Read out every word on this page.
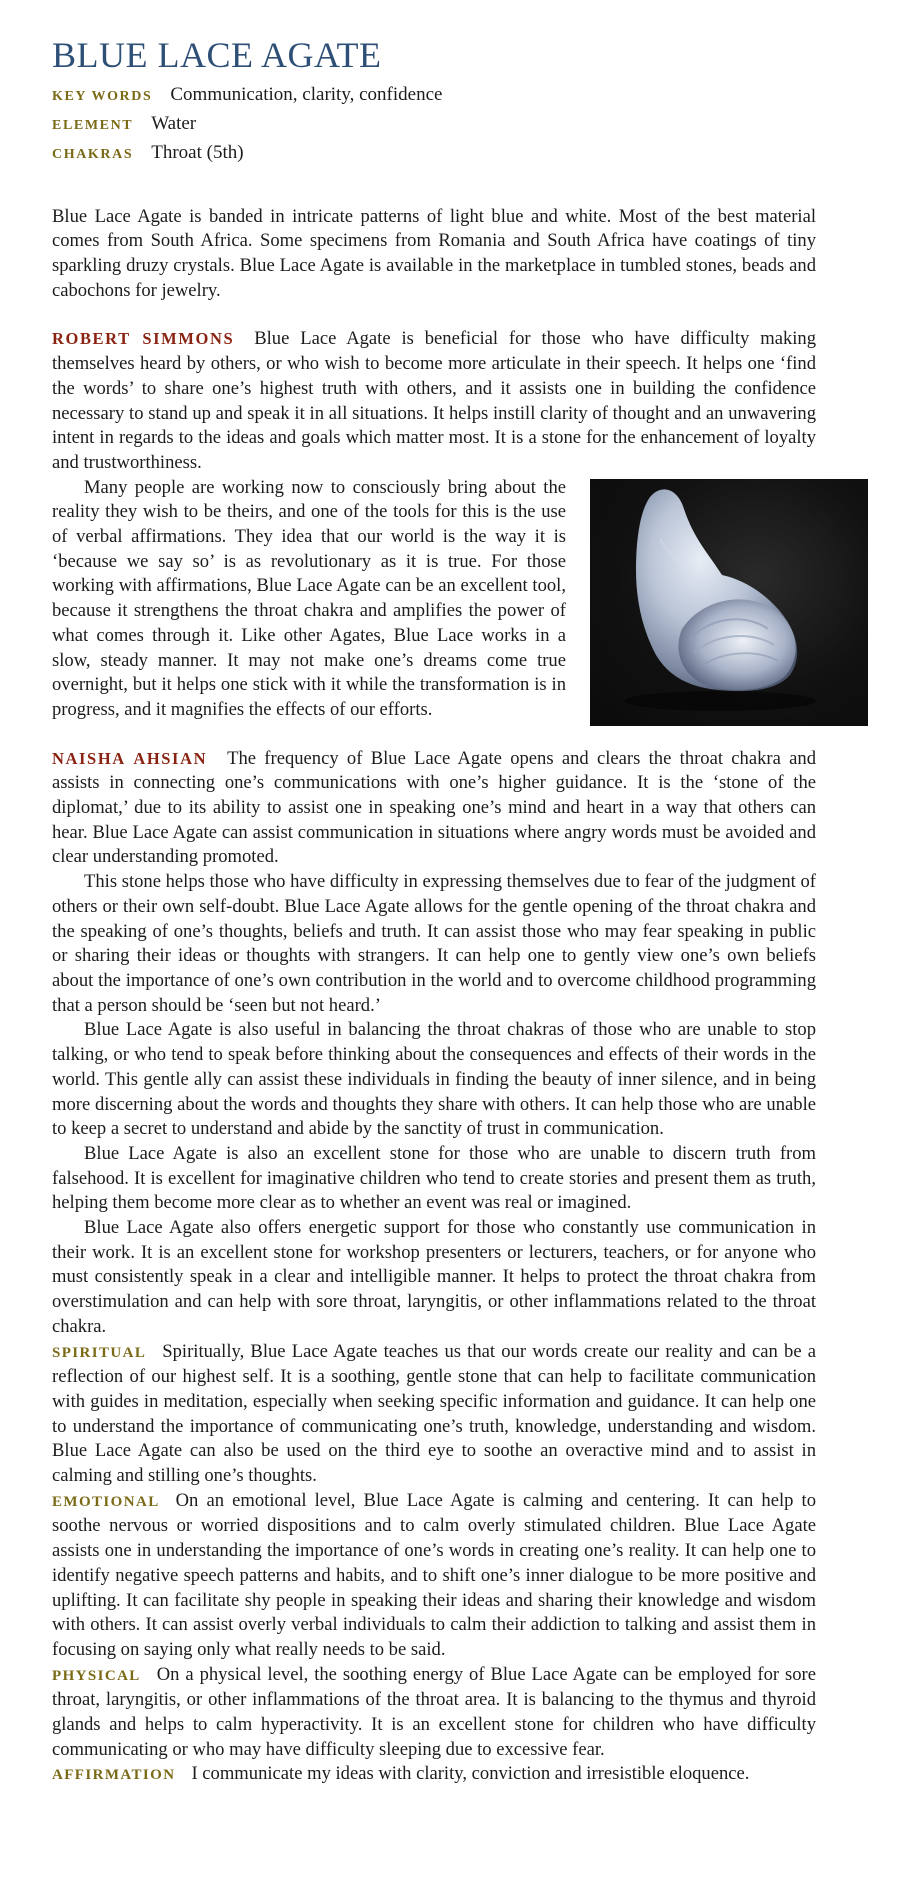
BLUE LACE AGATE
KEY WORDS Communication, clarity, confidence
ELEMENT Water
CHAKRAS Throat (5th)

Blue Lace Agate is banded in intricate patterns of light blue and white. Most of the best material comes from South Africa. Some specimens from Romania and South Africa have coatings of tiny sparkling druzy crystals. Blue Lace Agate is available in the marketplace in tumbled stones, beads and cabochons for jewelry.

ROBERT SIMMONS Blue Lace Agate is beneficial for those who have difficulty making themselves heard by others, or who wish to become more articulate in their speech. It helps one ‘find the words’ to share one’s highest truth with others, and it assists one in building the confidence necessary to stand up and speak it in all situations. It helps instill clarity of thought and an unwavering intent in regards to the ideas and goals which matter most. It is a stone for the enhancement of loyalty and trustworthiness.

Many people are working now to consciously bring about the reality they wish to be theirs, and one of the tools for this is the use of verbal affirmations. They idea that our world is the way it is ‘because we say so’ is as revolutionary as it is true. For those working with affirmations, Blue Lace Agate can be an excellent tool, because it strengthens the throat chakra and amplifies the power of what comes through it. Like other Agates, Blue Lace works in a slow, steady manner. It may not make one’s dreams come true overnight, but it helps one stick with it while the transformation is in progress, and it magnifies the effects of our efforts.

NAISHA AHSIAN The frequency of Blue Lace Agate opens and clears the throat chakra and assists in connecting one’s communications with one’s higher guidance. It is the ‘stone of the diplomat,’ due to its ability to assist one in speaking one’s mind and heart in a way that others can hear. Blue Lace Agate can assist communication in situations where angry words must be avoided and clear understanding promoted.

This stone helps those who have difficulty in expressing themselves due to fear of the judgment of others or their own self-doubt. Blue Lace Agate allows for the gentle opening of the throat chakra and the speaking of one’s thoughts, beliefs and truth. It can assist those who may fear speaking in public or sharing their ideas or thoughts with strangers. It can help one to gently view one’s own beliefs about the importance of one’s own contribution in the world and to overcome childhood programming that a person should be ‘seen but not heard.’

Blue Lace Agate is also useful in balancing the throat chakras of those who are unable to stop talking, or who tend to speak before thinking about the consequences and effects of their words in the world. This gentle ally can assist these individuals in finding the beauty of inner silence, and in being more discerning about the words and thoughts they share with others. It can help those who are unable to keep a secret to understand and abide by the sanctity of trust in communication.

Blue Lace Agate is also an excellent stone for those who are unable to discern truth from falsehood. It is excellent for imaginative children who tend to create stories and present them as truth, helping them become more clear as to whether an event was real or imagined.

Blue Lace Agate also offers energetic support for those who constantly use communication in their work. It is an excellent stone for workshop presenters or lecturers, teachers, or for anyone who must consistently speak in a clear and intelligible manner. It helps to protect the throat chakra from overstimulation and can help with sore throat, laryngitis, or other inflammations related to the throat chakra.

SPIRITUAL Spiritually, Blue Lace Agate teaches us that our words create our reality and can be a reflection of our highest self. It is a soothing, gentle stone that can help to facilitate communication with guides in meditation, especially when seeking specific information and guidance. It can help one to understand the importance of communicating one’s truth, knowledge, understanding and wisdom. Blue Lace Agate can also be used on the third eye to soothe an overactive mind and to assist in calming and stilling one’s thoughts.

EMOTIONAL On an emotional level, Blue Lace Agate is calming and centering. It can help to soothe nervous or worried dispositions and to calm overly stimulated children. Blue Lace Agate assists one in understanding the importance of one’s words in creating one’s reality. It can help one to identify negative speech patterns and habits, and to shift one’s inner dialogue to be more positive and uplifting. It can facilitate shy people in speaking their ideas and sharing their knowledge and wisdom with others. It can assist overly verbal individuals to calm their addiction to talking and assist them in focusing on saying only what really needs to be said.

PHYSICAL On a physical level, the soothing energy of Blue Lace Agate can be employed for sore throat, laryngitis, or other inflammations of the throat area. It is balancing to the thymus and thyroid glands and helps to calm hyperactivity. It is an excellent stone for children who have difficulty communicating or who may have difficulty sleeping due to excessive fear.

AFFIRMATION I communicate my ideas with clarity, conviction and irresistible eloquence.
